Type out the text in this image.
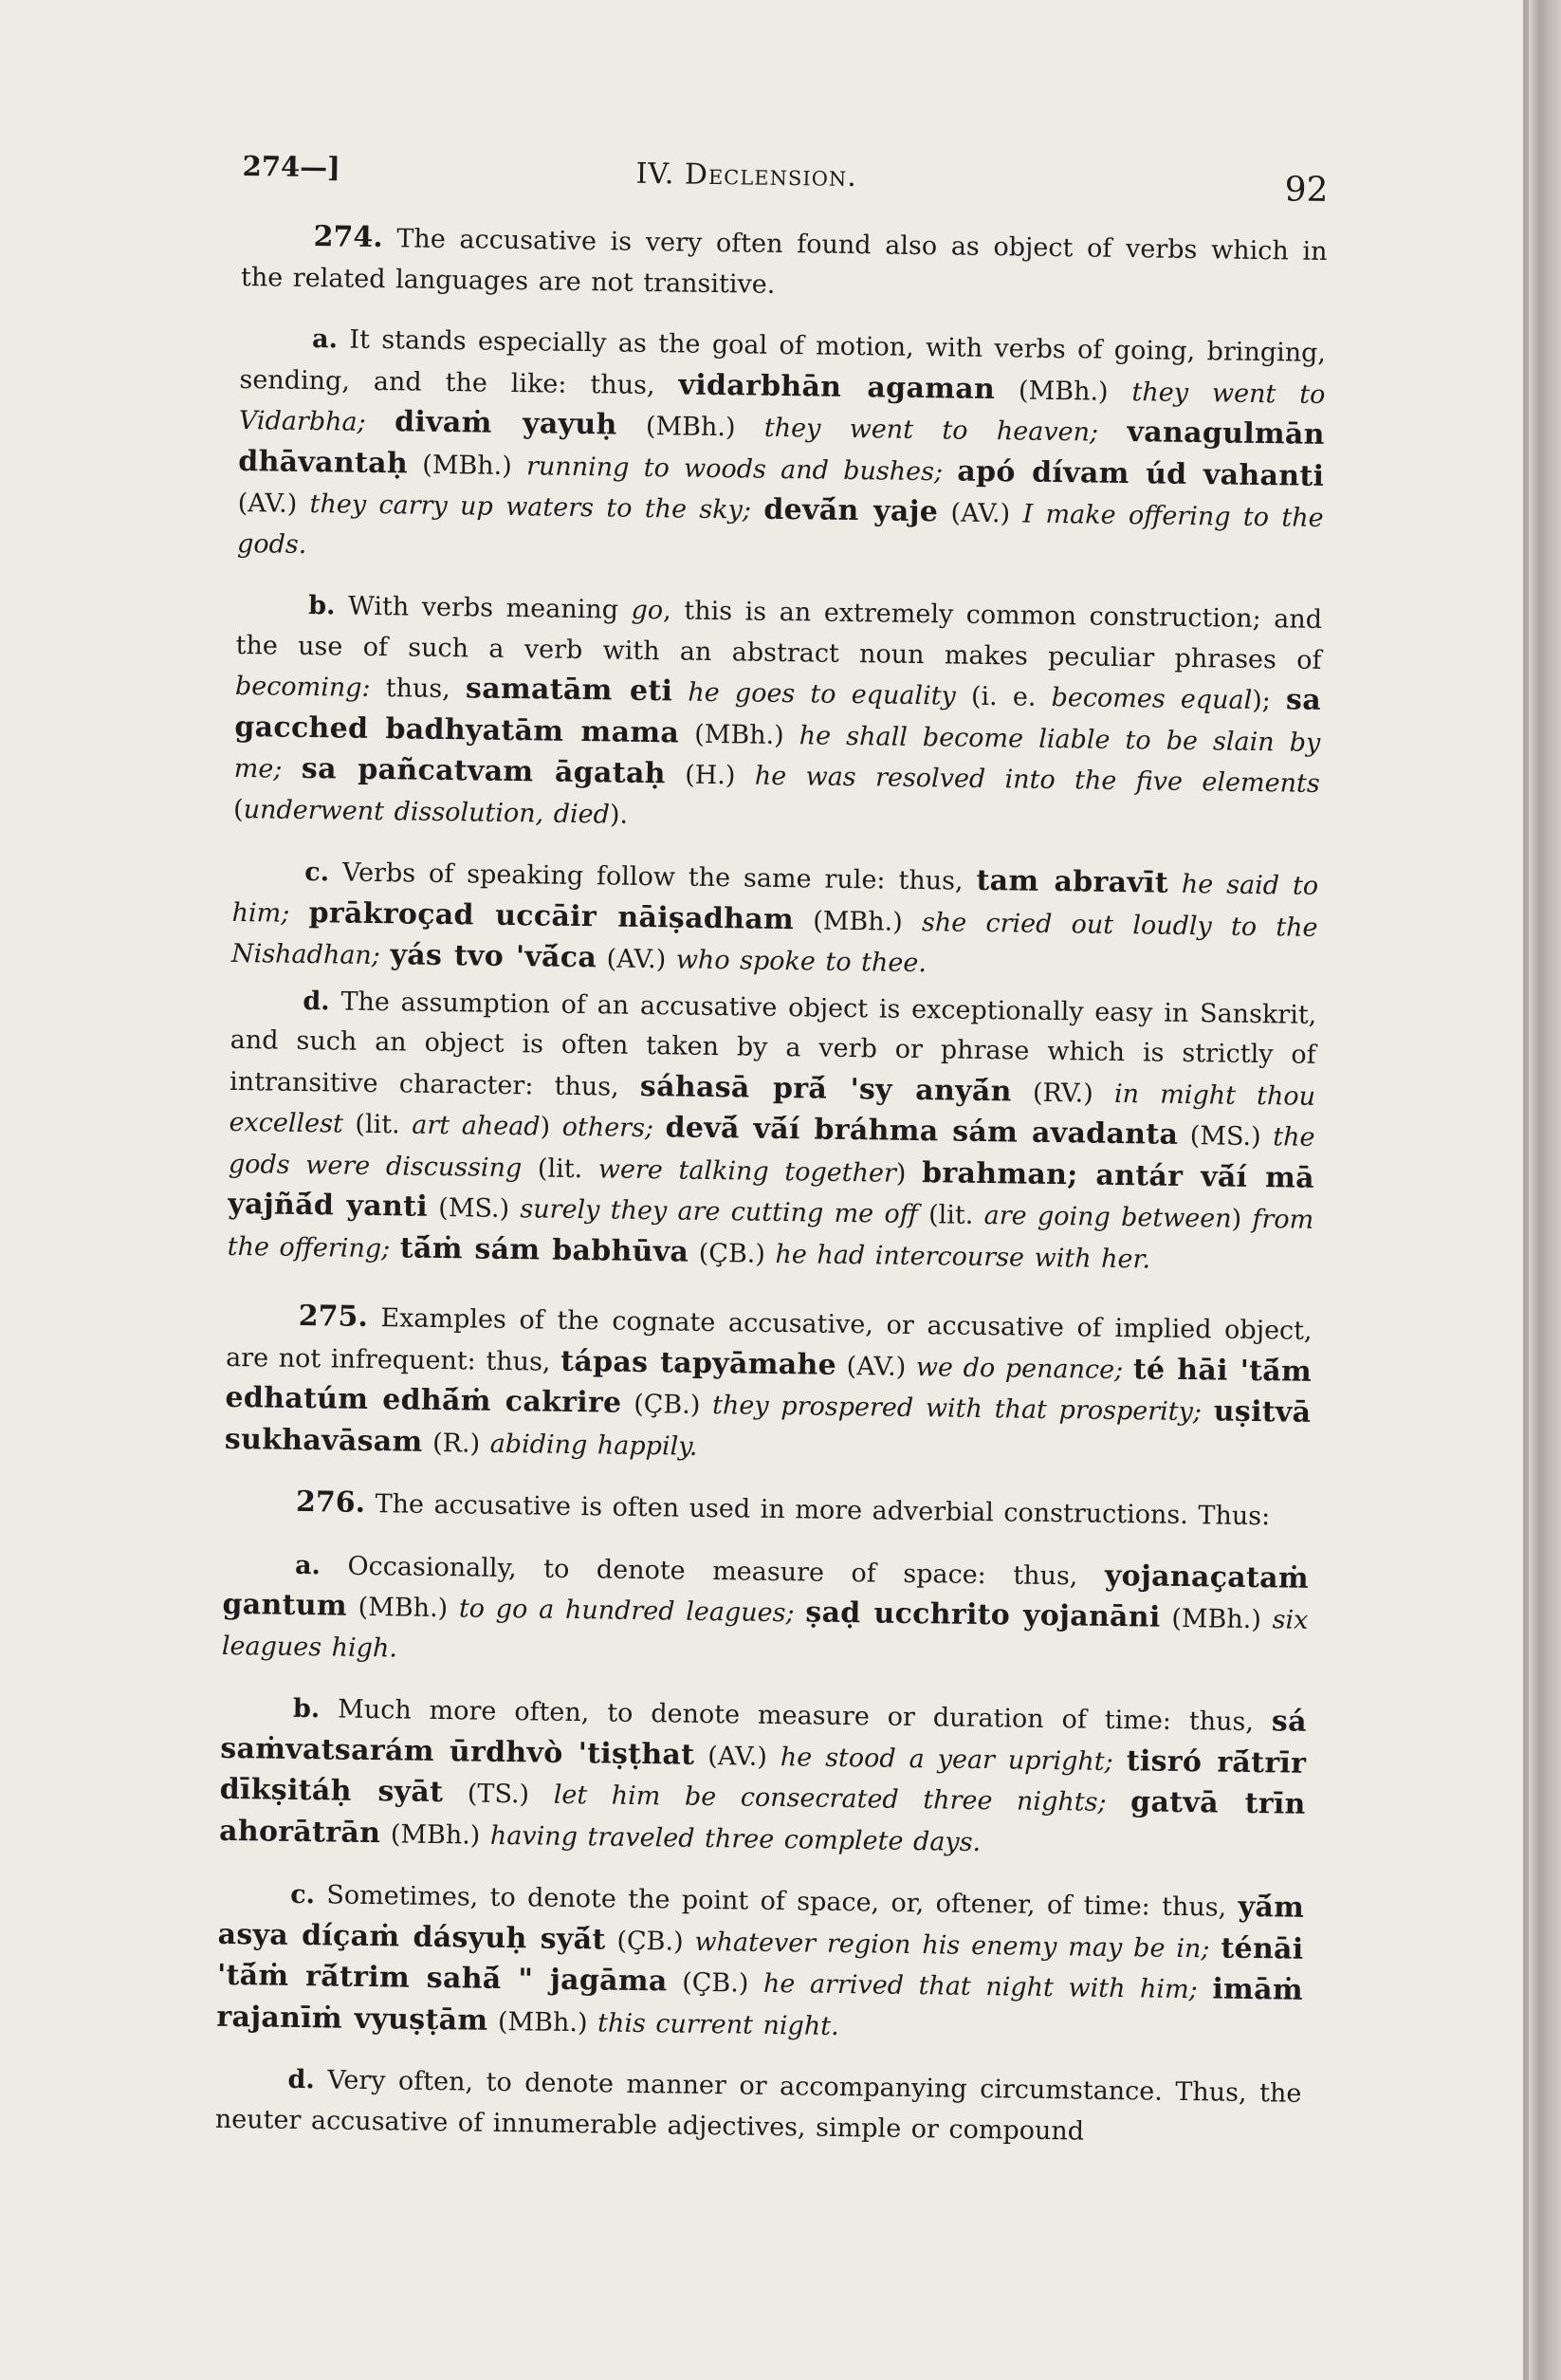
274—]	IV. Declension.	92

274. The accusative is very often found also as object of verbs which in the related languages are not transitive.

a. It stands especially as the goal of motion, with verbs of going, bringing, sending, and the like: thus, vidarbhān agaman (MBh.) they went to Vidarbha; divaṁ yayuḥ (MBh.) they went to heaven; vanagulmān dhāvantaḥ (MBh.) running to woods and bushes; apó dívam úd vahanti (AV.) they carry up waters to the sky; devā́n yaje (AV.) I make offering to the gods.

b. With verbs meaning go, this is an extremely common construction; and the use of such a verb with an abstract noun makes peculiar phrases of becoming: thus, samatām eti he goes to equality (i. e. becomes equal); sa gacched badhyatām mama (MBh.) he shall become liable to be slain by me; sa pañcatvam āgataḥ (H.) he was resolved into the five elements (underwent dissolution, died).

c. Verbs of speaking follow the same rule: thus, tam abravīt he said to him; prākroçad uccāir nāiṣadham (MBh.) she cried out loudly to the Nishadhan; yás tvo 'vā́ca (AV.) who spoke to thee.

d. The assumption of an accusative object is exceptionally easy in Sanskrit, and such an object is often taken by a verb or phrase which is strictly of intransitive character: thus, sáhasā prā́ 'sy anyā́n (RV.) in might thou excellest (lit. art ahead) others; devā́ vā́í bráhma sám avadanta (MS.) the gods were discussing (lit. were talking together) brahman; antár vā́í mā yajñā́d yanti (MS.) surely they are cutting me off (lit. are going between) from the offering; tā́ṁ sám babhūva (ÇB.) he had intercourse with her.

275. Examples of the cognate accusative, or accusative of implied object, are not infrequent: thus, tápas tapyāmahe (AV.) we do penance; té hāi 'tā́m edhatúm edhā́ṁ cakrire (ÇB.) they prospered with that prosperity; uṣitvā sukhavāsam (R.) abiding happily.

276. The accusative is often used in more adverbial constructions. Thus:

a. Occasionally, to denote measure of space: thus, yojanaçataṁ gantum (MBh.) to go a hundred leagues; ṣaḍ ucchrito yojanāni (MBh.) six leagues high.

b. Much more often, to denote measure or duration of time: thus, sá saṁvatsarám ūrdhvò 'tiṣṭhat (AV.) he stood a year upright; tisró rā́trīr dīkṣitáḥ syāt (TS.) let him be consecrated three nights; gatvā trīn ahorātrān (MBh.) having traveled three complete days.

c. Sometimes, to denote the point of space, or, oftener, of time: thus, yā́m asya díçaṁ dásyuḥ syā́t (ÇB.) whatever region his enemy may be in; ténāi 'tā́ṁ rā́trim sahā́ " jagāma (ÇB.) he arrived that night with him; imāṁ rajanīṁ vyuṣṭām (MBh.) this current night.

d. Very often, to denote manner or accompanying circumstance. Thus, the neuter accusative of innumerable adjectives, simple or compound
